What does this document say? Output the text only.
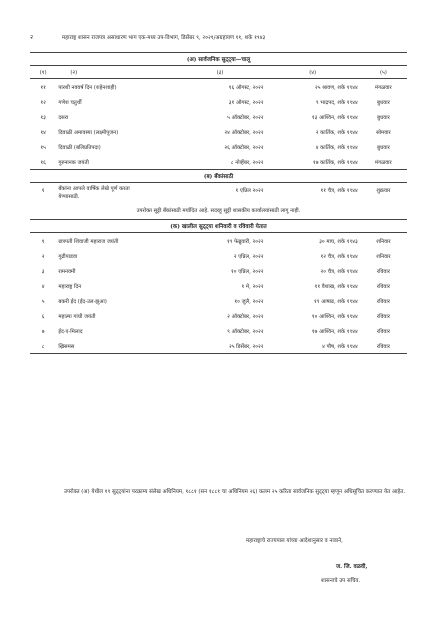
२	महाराष्ट्र शासन राजपत्र असाधारण भाग एक-मध्य उप-विभाग, डिसेंबर ९, २०२१/अग्रहायण ११, शके १९४३
(अ) सार्वजनिक सुट्ट्या—चालू				
(१)	(२)	(३)	(४)	(५)
११	पारशी नववर्ष दिन (शहेनशाही)	१६ ऑगस्ट, २०२२	२५ श्रावण, शके १९४४	मंगळवार
१२	गणेश चतुर्थी	३१ ऑगस्ट, २०२२	९ भाद्रपद, शके १९४४	बुधवार
१३	दसरा	५ ऑक्टोबर, २०२२	१३ आश्विन, शके १९४४	बुधवार
१४	दिवाळी अमावस्या (लक्ष्मीपूजन)	२४ ऑक्टोबर, २०२२	२ कार्तिक, शके १९४४	सोमवार
१५	दिवाळी (बलिप्रतिपदा)	२६ ऑक्टोबर, २०२२	४ कार्तिक, शके १९४४	बुधवार
१६	गुरुनानक जयंती	८ नोव्हेंबर, २०२२	१७ कार्तिक, शके १९४४	मंगळवार
(ब) बँकांसाठी				
१	बँकांना आपले वार्षिक लेखे पूर्ण करता
येण्यासाठी.	१ एप्रिल २०२२	११ चैत्र, शके १९४४	शुक्रवार
उपरोक्त सुट्टी बँकांसाठी मर्यादित आहे. सदरहू सुट्टी शासकीय कार्यालयांसाठी लागू नाही.				
(क) खालील सुट्ट्या शनिवारी व रविवारी येतात				
१	छत्रपती शिवाजी महाराज जयंती	१९ फेब्रुवारी, २०२२	३० माघ, शके १९४३	शनिवार
२	गुढीपाडवा	२ एप्रिल, २०२२	१२ चैत्र, शके १९४४	शनिवार
३	रामनवमी	१० एप्रिल, २०२२	२० चैत्र, शके १९४४	रविवार
४	महाराष्ट्र दिन	१ मे, २०२२	११ वैशाख, शके १९४४	रविवार
५	बकरी ईद (ईद-उल-झुआ)	१० जुलै, २०२२	१९ आषाढ, शके १९४४	रविवार
६	महात्मा गांधी जयंती	२ ऑक्टोबर, २०२२	१० आश्विन, शके १९४४	रविवार
७	ईद-ए-मिलाद	९ ऑक्टोबर, २०२२	१७ आश्विन, शके १९४४	रविवार
८	ख्रिसमस	२५ डिसेंबर, २०२२	४ पौष, शके १९४४	रविवार
उपरोक्त (अ) येथील १९ सुट्ट्यांना परक्राम्य संलेख अधिनियम, १८८१ (सन १८८१ चा अधिनियम २६) कलम २५ करिता सार्वजनिक सुट्ट्या म्हणून अधिसूचित करण्यात येत आहेत.
महाराष्ट्राचे राज्यपाल यांच्या आदेशानुसार व नावाने,
ज. जि. वळवी,
शासनाचे उप सचिव.
